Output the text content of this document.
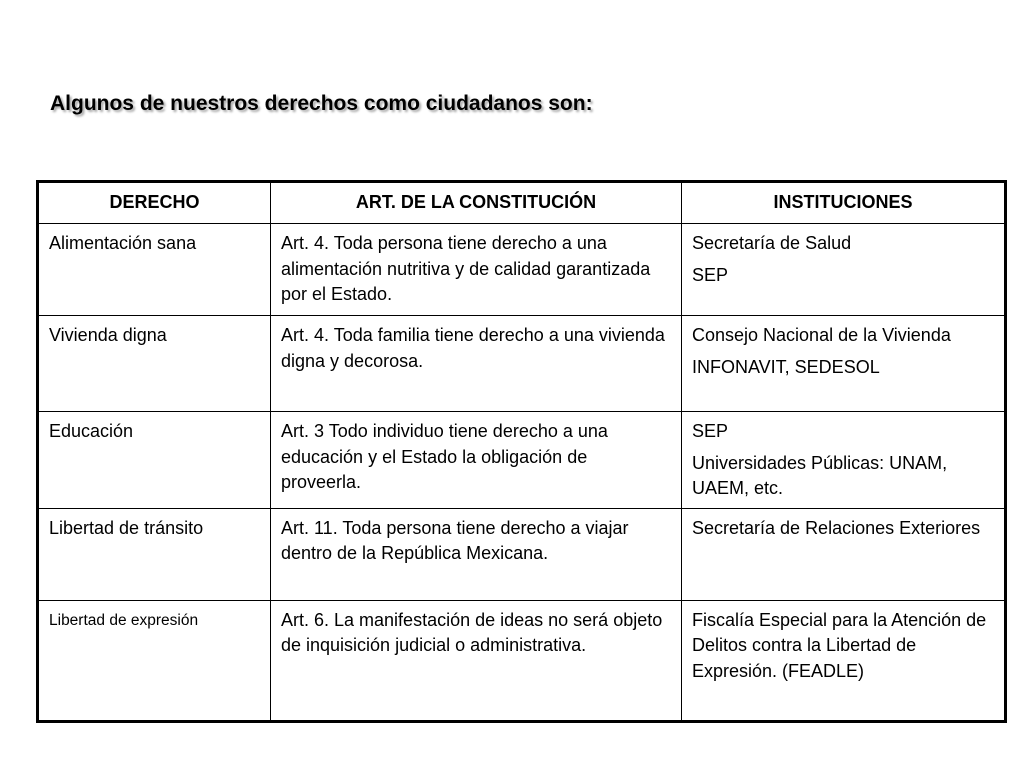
Algunos de nuestros derechos como ciudadanos son:
DERECHO	ART. DE LA CONSTITUCIÓN	INSTITUCIONES
Alimentación sana	Art. 4. Toda persona tiene derecho a una alimentación nutritiva y de calidad garantizada por el Estado.	Secretaría de Salud
SEP

Vivienda digna	Art. 4. Toda familia tiene derecho a una vivienda digna y decorosa.	Consejo Nacional de la Vivienda
INFONAVIT, SEDESOL

Educación	Art. 3 Todo individuo tiene derecho a una educación y el Estado la obligación de proveerla.	SEP
Universidades Públicas: UNAM, UAEM, etc.

Libertad de tránsito	Art. 11. Toda persona tiene derecho a viajar dentro de la República Mexicana.	Secretaría de Relaciones Exteriores

Libertad de expresión	Art. 6. La manifestación de ideas no será objeto de inquisición judicial o administrativa.	Fiscalía Especial para la Atención de Delitos contra la Libertad de Expresión. (FEADLE)
